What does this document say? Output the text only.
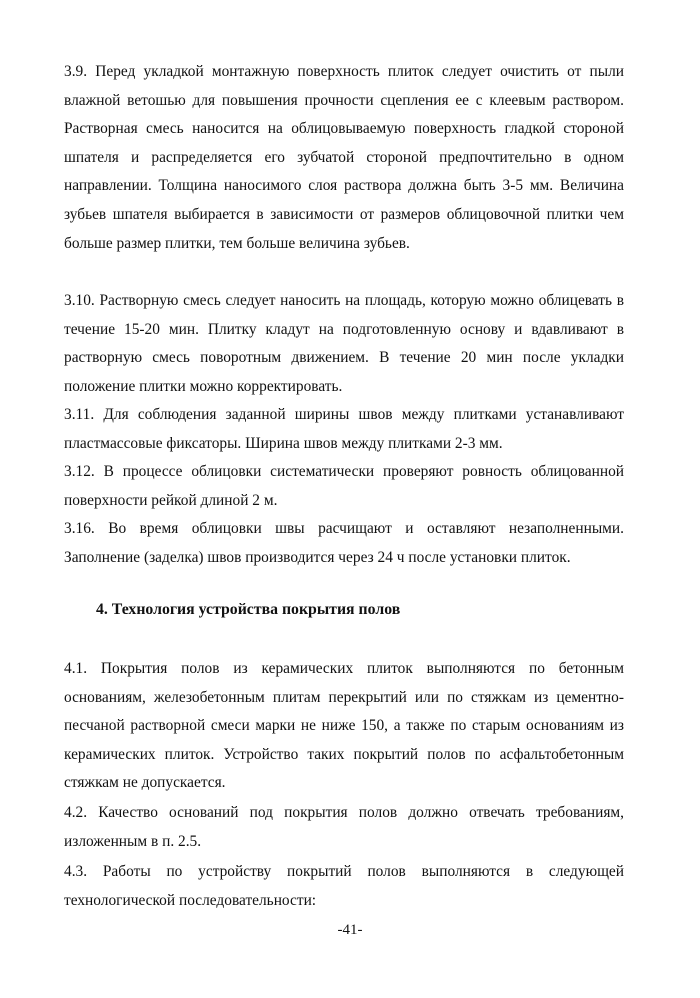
3.9. Перед укладкой монтажную поверхность плиток следует очистить от пыли влажной ветошью для повышения прочности сцепления ее с клеевым раствором. Растворная смесь наносится на облицовываемую поверхность гладкой стороной шпателя и распределяется его зубчатой стороной предпочтительно в одном направлении. Толщина наносимого слоя раствора должна быть 3-5 мм. Величина зубьев шпателя выбирается в зависимости от размеров облицовочной плитки чем больше размер плитки, тем больше величина зубьев.

3.10. Растворную смесь следует наносить на площадь, которую можно облицевать в течение 15-20 мин. Плитку кладут на подготовленную основу и вдавливают в растворную смесь поворотным движением. В течение 20 мин после укладки положение плитки можно корректировать.

3.11. Для соблюдения заданной ширины швов между плитками устанавливают пластмассовые фиксаторы. Ширина швов между плитками 2-3 мм.

3.12. В процессе облицовки систематически проверяют ровность облицованной поверхности рейкой длиной 2 м.

3.16. Во время облицовки швы расчищают и оставляют незаполненными. Заполнение (заделка) швов производится через 24 ч после установки плиток.

4. Технология устройства покрытия полов

4.1. Покрытия полов из керамических плиток выполняются по бетонным основаниям, железобетонным плитам перекрытий или по стяжкам из цементно-песчаной растворной смеси марки не ниже 150, а также по старым основаниям из керамических плиток. Устройство таких покрытий полов по асфальтобетонным стяжкам не допускается.

4.2. Качество оснований под покрытия полов должно отвечать требованиям, изложенным в п. 2.5.

4.3. Работы по устройству покрытий полов выполняются в следующей технологической последовательности:

-41-
